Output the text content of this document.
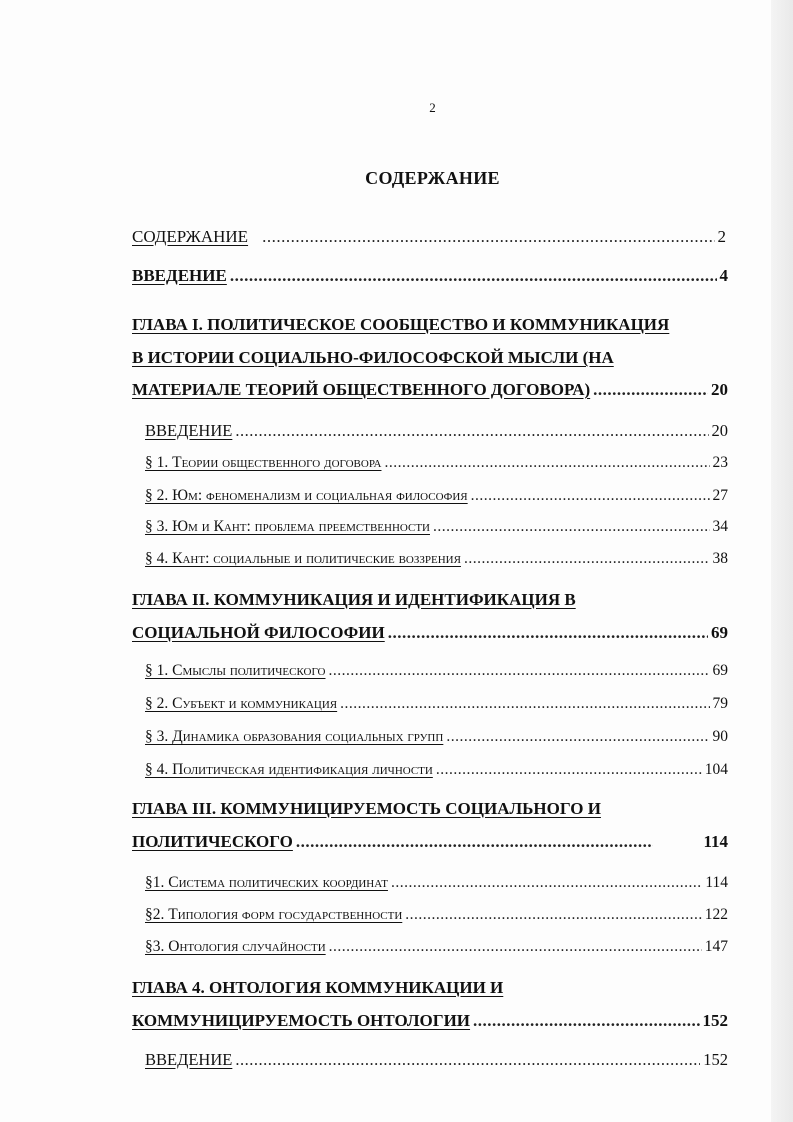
2
СОДЕРЖАНИЕ
СОДЕРЖАНИЕ .....	2
ВВЕДЕНИЕ .....	4
ГЛАВА I. ПОЛИТИЧЕСКОЕ СООБЩЕСТВО И КОММУНИКАЦИЯ
В ИСТОРИИ СОЦИАЛЬНО-ФИЛОСОФСКОЙ МЫСЛИ (НА
МАТЕРИАЛЕ ТЕОРИЙ ОБЩЕСТВЕННОГО ДОГОВОРА) .....	20
ВВЕДЕНИЕ .....	20
§ 1. Теории общественного договора .....	23
§ 2. Юм: феноменализм и социальная философия .....	27
§ 3. Юм и Кант: проблема преемственности .....	34
§ 4. Кант: социальные и политические воззрения .....	38
ГЛАВА II. КОММУНИКАЦИЯ И ИДЕНТИФИКАЦИЯ В
СОЦИАЛЬНОЙ ФИЛОСОФИИ .....	69
§ 1. Смыслы политического .....	69
§ 2. Субъект и коммуникация .....	79
§ 3. Динамика образования социальных групп .....	90
§ 4. Политическая идентификация личности .....	104
ГЛАВА III. КОММУНИЦИРУЕМОСТЬ СОЦИАЛЬНОГО И
ПОЛИТИЧЕСКОГО .....	114
§1. Система политических координат .....	114
§2. Типология форм государственности .....	122
§3. Онтология случайности .....	147
ГЛАВА 4. ОНТОЛОГИЯ КОММУНИКАЦИИ И
КОММУНИЦИРУЕМОСТЬ ОНТОЛОГИИ .....	152
ВВЕДЕНИЕ .....	152
